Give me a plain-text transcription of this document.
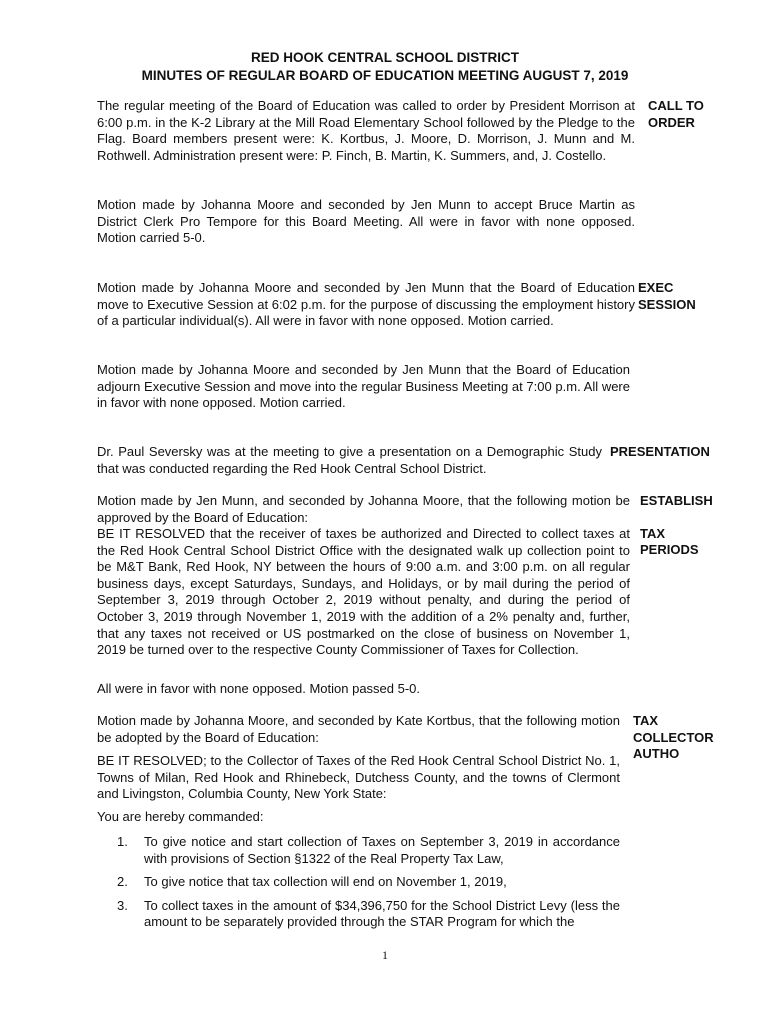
RED HOOK CENTRAL SCHOOL DISTRICT
MINUTES OF REGULAR BOARD OF EDUCATION MEETING AUGUST 7, 2019

The regular meeting of the Board of Education was called to order by President Morrison at 6:00 p.m. in the K-2 Library at the Mill Road Elementary School followed by the Pledge to the Flag. Board members present were: K. Kortbus, J. Moore, D. Morrison, J. Munn and M. Rothwell. Administration present were: P. Finch, B. Martin, K. Summers, and, J. Costello.

CALL TO
ORDER

Motion made by Johanna Moore and seconded by Jen Munn to accept Bruce Martin as District Clerk Pro Tempore for this Board Meeting. All were in favor with none opposed. Motion carried 5-0.

Motion made by Johanna Moore and seconded by Jen Munn that the Board of Education move to Executive Session at 6:02 p.m. for the purpose of discussing the employment history of a particular individual(s). All were in favor with none opposed. Motion carried.

EXEC
SESSION

Motion made by Johanna Moore and seconded by Jen Munn that the Board of Education adjourn Executive Session and move into the regular Business Meeting at 7:00 p.m. All were in favor with none opposed. Motion carried.

Dr. Paul Seversky was at the meeting to give a presentation on a Demographic Study that was conducted regarding the Red Hook Central School District.

PRESENTATION

Motion made by Jen Munn, and seconded by Johanna Moore, that the following motion be approved by the Board of Education:

BE IT RESOLVED that the receiver of taxes be authorized and Directed to collect taxes at the Red Hook Central School District Office with the designated walk up collection point to be M&T Bank, Red Hook, NY between the hours of 9:00 a.m. and 3:00 p.m. on all regular business days, except Saturdays, Sundays, and Holidays, or by mail during the period of September 3, 2019 through October 2, 2019 without penalty, and during the period of October 3, 2019 through November 1, 2019 with the addition of a 2% penalty and, further, that any taxes not received or US postmarked on the close of business on November 1, 2019 be turned over to the respective County Commissioner of Taxes for Collection.

All were in favor with none opposed. Motion passed 5-0.

ESTABLISH
TAX
PERIODS

Motion made by Johanna Moore, and seconded by Kate Kortbus, that the following motion be adopted by the Board of Education:

TAX
COLLECTOR
AUTHO

BE IT RESOLVED; to the Collector of Taxes of the Red Hook Central School District No. 1, Towns of Milan, Red Hook and Rhinebeck, Dutchess County, and the towns of Clermont and Livingston, Columbia County, New York State:

You are hereby commanded:

1. To give notice and start collection of Taxes on September 3, 2019 in accordance with provisions of Section §1322 of the Real Property Tax Law,
2. To give notice that tax collection will end on November 1, 2019,
3. To collect taxes in the amount of $34,396,750 for the School District Levy (less the amount to be separately provided through the STAR Program for which the
1
